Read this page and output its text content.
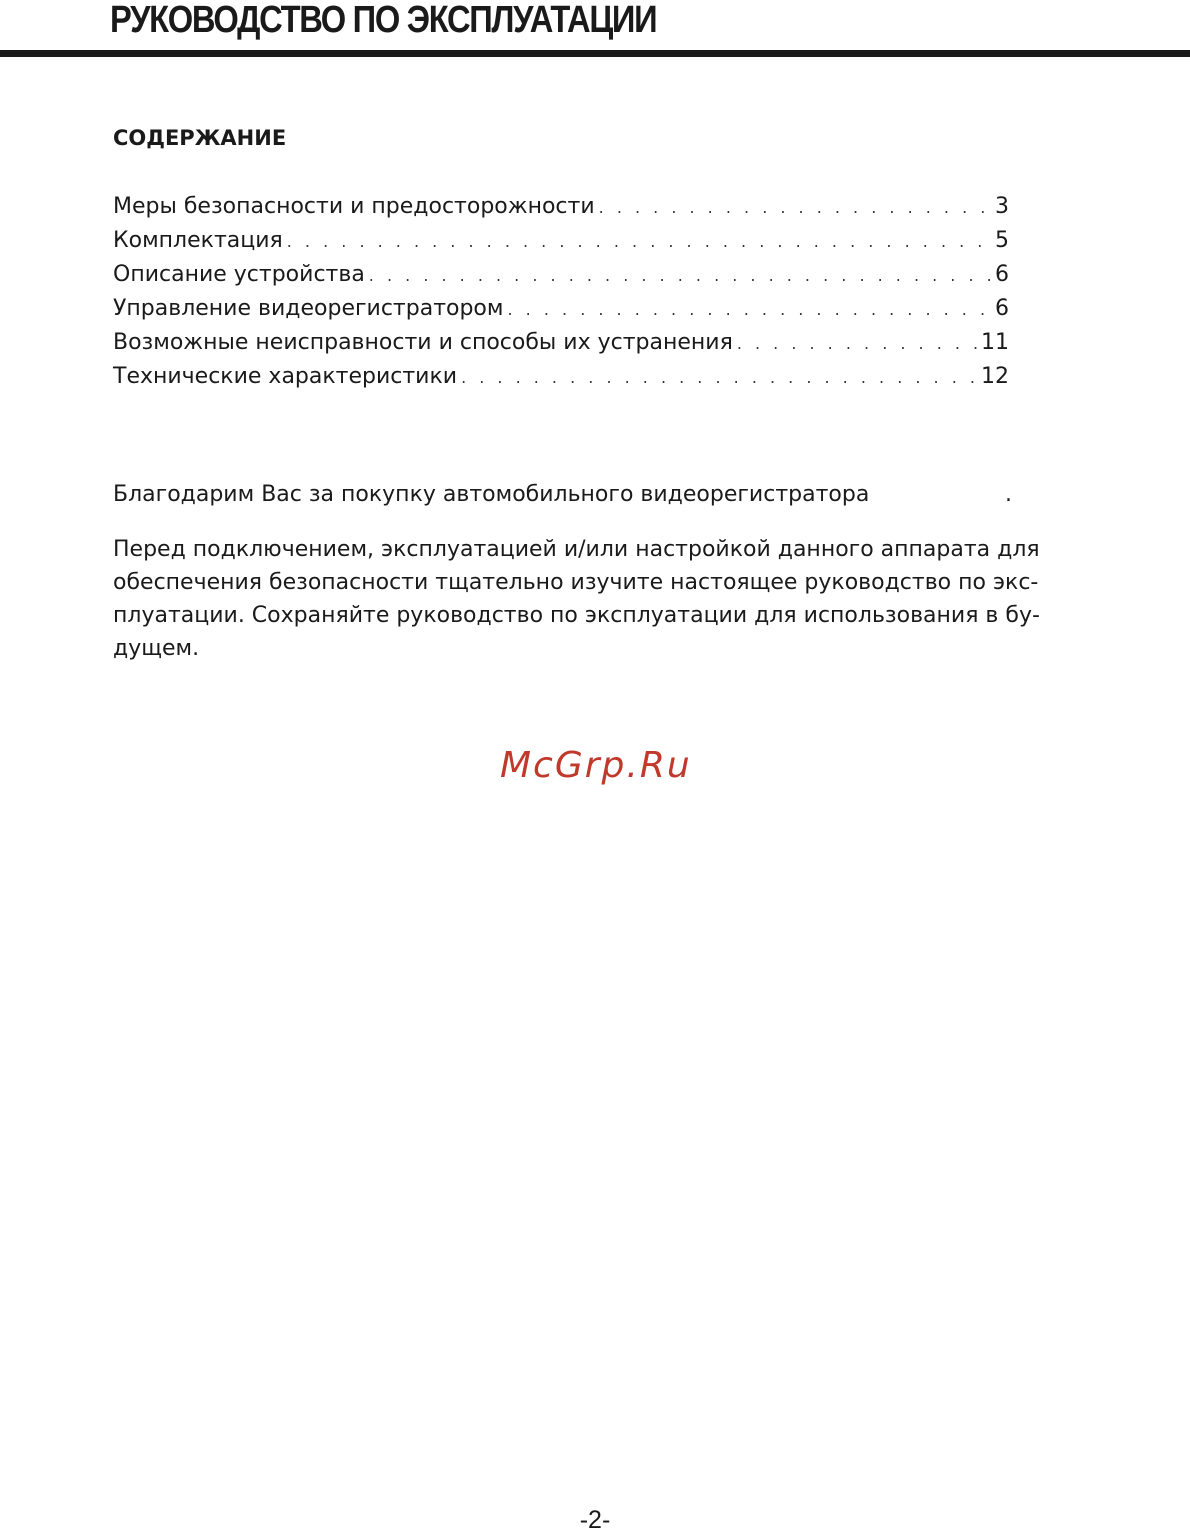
РУКОВОДСТВО ПО ЭКСПЛУАТАЦИИ
СОДЕРЖАНИЕ
Меры безопасности и предосторожности . . .	3
Комплектация . . .	5
Описание устройства . . .	6
Управление видеорегистратором . . .	6
Возможные неисправности и способы их устранения . . .	11
Технические характеристики . . .	12
Благодарим Вас за покупку автомобильного видеорегистратора	.

Перед подключением, эксплуатацией и/или настройкой данного аппарата для
обеспечения безопасности тщательно изучите настоящее руководство по экс-
плуатации. Сохраняйте руководство по эксплуатации для использования в бу-
дущем.

McGrp.Ru
-2-
